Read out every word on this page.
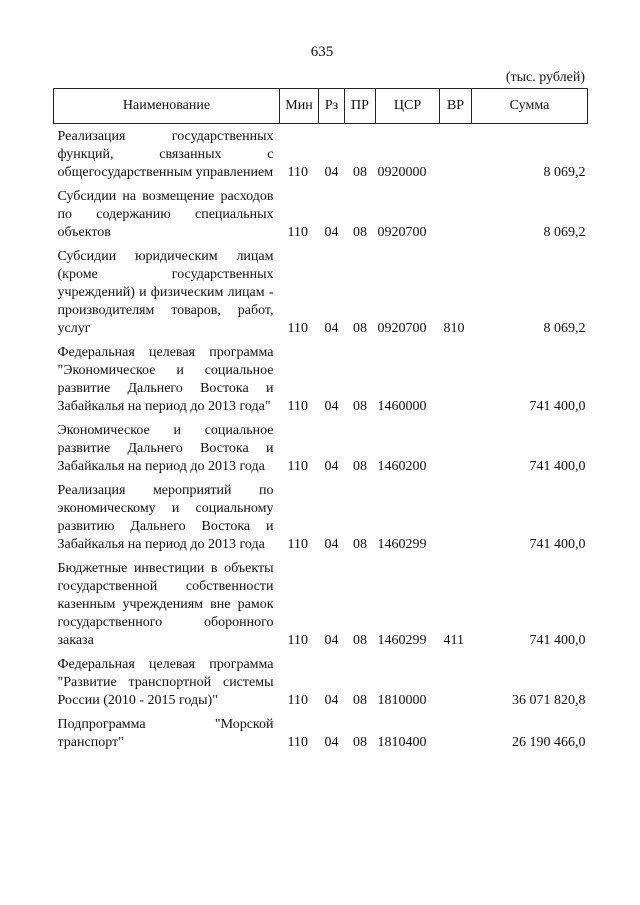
635
(тыс. рублей)
Наименование	Мин	Рз	ПР	ЦСР	ВР	Сумма
Реализация государственных функций, связанных с общегосударственным управлением	110	04	08	0920000		8 069,2
Субсидии на возмещение расходов по содержанию специальных объектов	110	04	08	0920700		8 069,2
Субсидии юридическим лицам (кроме государственных учреждений) и физическим лицам - производителям товаров, работ, услуг	110	04	08	0920700	810	8 069,2
Федеральная целевая программа "Экономическое и социальное развитие Дальнего Востока и Забайкалья на период до 2013 года"	110	04	08	1460000		741 400,0
Экономическое и социальное развитие Дальнего Востока и Забайкалья на период до 2013 года	110	04	08	1460200		741 400,0
Реализация мероприятий по экономическому и социальному развитию Дальнего Востока и Забайкалья на период до 2013 года	110	04	08	1460299		741 400,0
Бюджетные инвестиции в объекты государственной собственности казенным учреждениям вне рамок государственного оборонного заказа	110	04	08	1460299	411	741 400,0
Федеральная целевая программа "Развитие транспортной системы России (2010 - 2015 годы)"	110	04	08	1810000		36 071 820,8
Подпрограмма "Морской транспорт"	110	04	08	1810400		26 190 466,0
